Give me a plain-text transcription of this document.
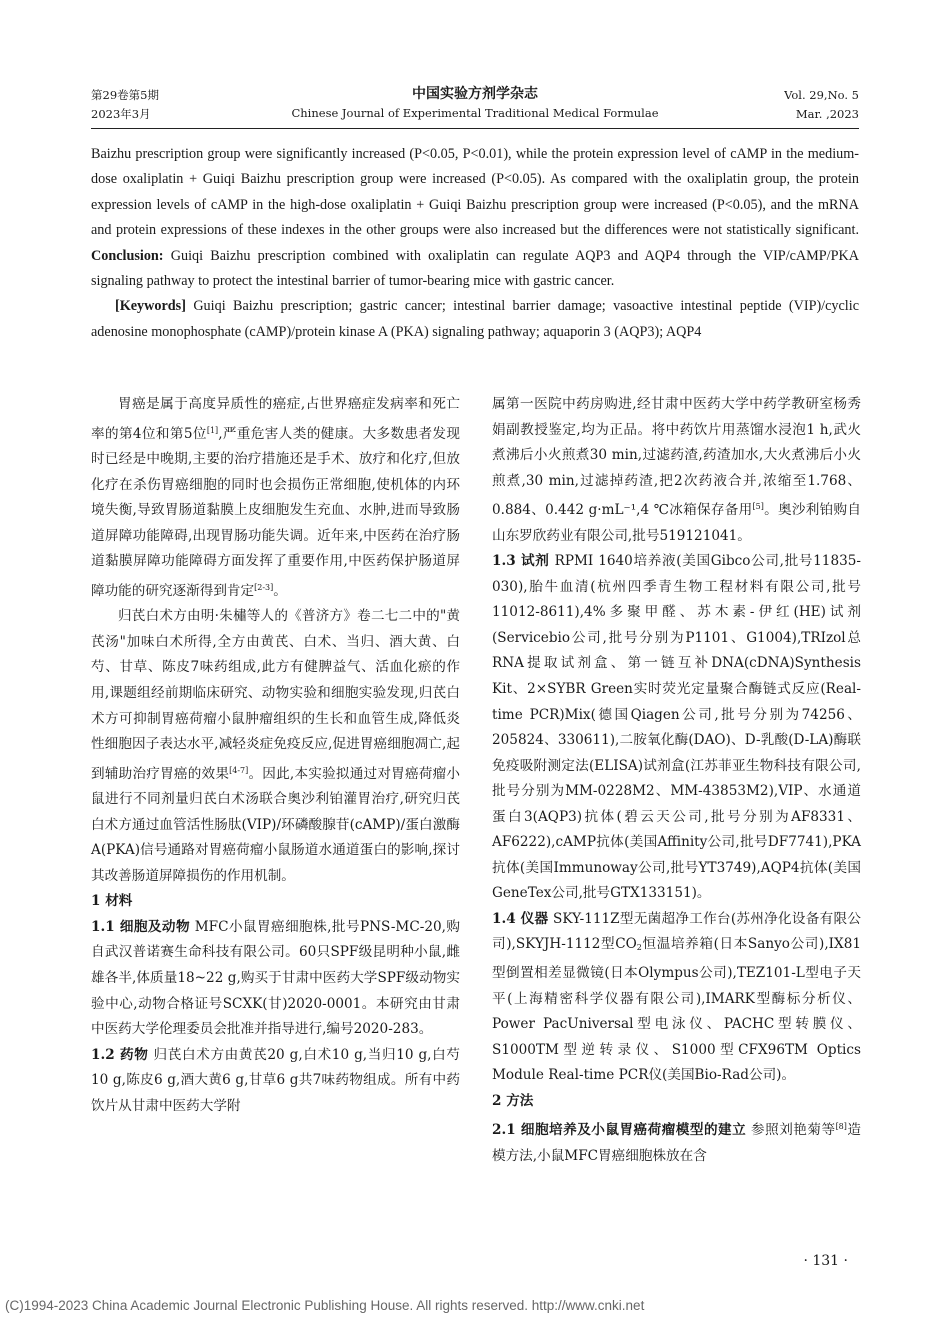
第29卷第5期
2023年3月
中国实验方剂学杂志
Chinese Journal of Experimental Traditional Medical Formulae
Vol. 29,No. 5
Mar. ,2023

Baizhu prescription group were significantly increased (P<0.05, P<0.01), while the protein expression level of cAMP in the medium-dose oxaliplatin + Guiqi Baizhu prescription group were increased (P<0.05). As compared with the oxaliplatin group, the protein expression levels of cAMP in the high-dose oxaliplatin + Guiqi Baizhu prescription group were increased (P<0.05), and the mRNA and protein expressions of these indexes in the other groups were also increased but the differences were not statistically significant. Conclusion: Guiqi Baizhu prescription combined with oxaliplatin can regulate AQP3 and AQP4 through the VIP/cAMP/PKA signaling pathway to protect the intestinal barrier of tumor-bearing mice with gastric cancer.

[Keywords] Guiqi Baizhu prescription; gastric cancer; intestinal barrier damage; vasoactive intestinal peptide (VIP)/cyclic adenosine monophosphate (cAMP)/protein kinase A (PKA) signaling pathway; aquaporin 3 (AQP3); AQP4

胃癌是属于高度异质性的癌症,占世界癌症发病率和死亡率的第4位和第5位[1],严重危害人类的健康。大多数患者发现时已经是中晚期,主要的治疗措施还是手术、放疗和化疗,但放化疗在杀伤胃癌细胞的同时也会损伤正常细胞,使机体的内环境失衡,导致胃肠道黏膜上皮细胞发生充血、水肿,进而导致肠道屏障功能障碍,出现胃肠功能失调。近年来,中医药在治疗肠道黏膜屏障功能障碍方面发挥了重要作用,中医药保护肠道屏障功能的研究逐渐得到肯定[2-3]。

归芪白术方由明·朱橚等人的《普济方》卷二七二中的"黄芪汤"加味白术所得,全方由黄芪、白术、当归、酒大黄、白芍、甘草、陈皮7味药组成,此方有健脾益气、活血化瘀的作用,课题组经前期临床研究、动物实验和细胞实验发现,归芪白术方可抑制胃癌荷瘤小鼠肿瘤组织的生长和血管生成,降低炎性细胞因子表达水平,减轻炎症免疫反应,促进胃癌细胞凋亡,起到辅助治疗胃癌的效果[4-7]。因此,本实验拟通过对胃癌荷瘤小鼠进行不同剂量归芪白术汤联合奥沙利铂灌胃治疗,研究归芪白术方通过血管活性肠肽(VIP)/环磷酸腺苷(cAMP)/蛋白激酶A(PKA)信号通路对胃癌荷瘤小鼠肠道水通道蛋白的影响,探讨其改善肠道屏障损伤的作用机制。

1 材料

1.1 细胞及动物 MFC小鼠胃癌细胞株,批号PNS-MC-20,购自武汉普诺赛生命科技有限公司。60只SPF级昆明种小鼠,雌雄各半,体质量18~22 g,购买于甘肃中医药大学SPF级动物实验中心,动物合格证号SCXK(甘)2020-0001。本研究由甘肃中医药大学伦理委员会批准并指导进行,编号2020-283。

1.2 药物 归芪白术方由黄芪20 g,白术10 g,当归10 g,白芍10 g,陈皮6 g,酒大黄6 g,甘草6 g共7味药物组成。所有中药饮片从甘肃中医药大学附

属第一医院中药房购进,经甘肃中医药大学中药学教研室杨秀娟副教授鉴定,均为正品。将中药饮片用蒸馏水浸泡1 h,武火煮沸后小火煎煮30 min,过滤药渣,药渣加水,大火煮沸后小火煎煮,30 min,过滤掉药渣,把2次药液合并,浓缩至1.768、0.884、0.442 g·mL⁻¹,4 ℃冰箱保存备用[5]。奥沙利铂购自山东罗欣药业有限公司,批号519121041。

1.3 试剂 RPMI 1640培养液(美国Gibco公司,批号11835-030),胎牛血清(杭州四季青生物工程材料有限公司,批号11012-8611),4%多聚甲醛、苏木素-伊红(HE)试剂(Servicebio公司,批号分别为P1101、G1004),TRIzol总RNA提取试剂盒、第一链互补DNA(cDNA)Synthesis Kit、2×SYBR Green实时荧光定量聚合酶链式反应(Real-time PCR)Mix(德国Qiagen公司,批号分别为74256、205824、330611),二胺氧化酶(DAO)、D-乳酸(D-LA)酶联免疫吸附测定法(ELISA)试剂盒(江苏菲亚生物科技有限公司,批号分别为MM-0228M2、MM-43853M2),VIP、水通道蛋白3(AQP3)抗体(碧云天公司,批号分别为AF8331、AF6222),cAMP抗体(美国Affinity公司,批号DF7741),PKA抗体(美国Immunoway公司,批号YT3749),AQP4抗体(美国GeneTex公司,批号GTX133151)。

1.4 仪器 SKY-111Z型无菌超净工作台(苏州净化设备有限公司),SKYJH-1112型$CO_2$恒温培养箱(日本Sanyo公司),IX81型倒置相差显微镜(日本Olympus公司),TEZ101-L型电子天平(上海精密科学仪器有限公司),IMARK型酶标分析仪、Power PacUniversal型电泳仪、PACHC型转膜仪、S1000TM型逆转录仪、S1000型CFX96TM Optics Module Real-time PCR仪(美国Bio-Rad公司)。

2 方法

2.1 细胞培养及小鼠胃癌荷瘤模型的建立 参照刘艳菊等[8]造模方法,小鼠MFC胃癌细胞株放在含

· 131 ·
(C)1994-2023 China Academic Journal Electronic Publishing House. All rights reserved. http://www.cnki.net
